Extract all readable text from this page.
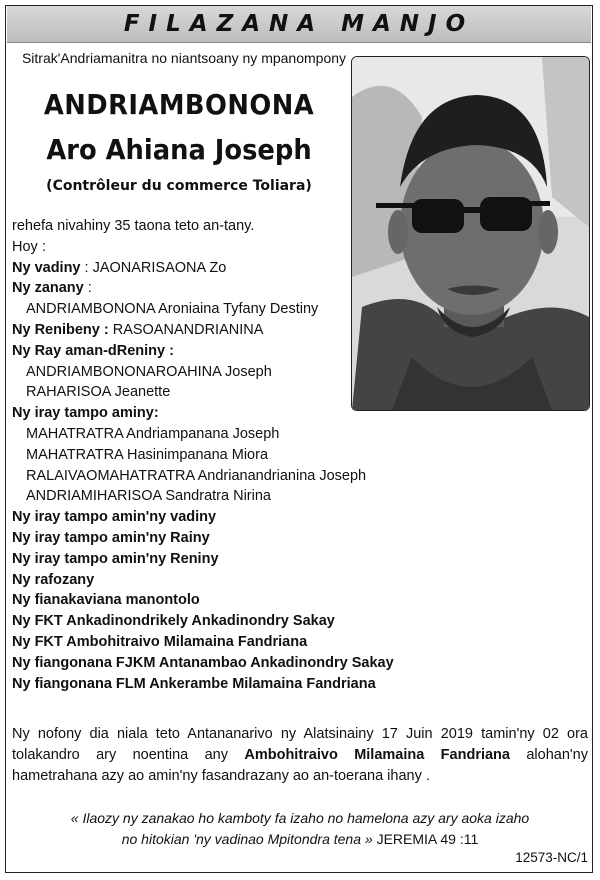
FILAZANA MANJO
Sitrak'Andriamanitra no niantsoany ny mpanompony
ANDRIAMBONONA
Aro Ahiana Joseph
(Contrôleur du commerce Toliara)
rehefa nivahiny 35 taona teto an-tany.
Hoy :
Ny vadiny : JAONARISAONA Zo
Ny zanany :
ANDRIAMBONONA Aroniaina Tyfany Destiny
Ny Renibeny : RASOANANDRIANINA
Ny Ray aman-dReniny :
ANDRIAMBONONAROAHINA Joseph
RAHARISOA Jeanette
Ny iray tampo aminy:
MAHATRATRA Andriampanana Joseph
MAHATRATRA Hasinimpanana Miora
RALAIVAOMAHATRATRA Andrianandrianina Joseph
ANDRIAMIHARISOA Sandratra Nirina
Ny iray tampo amin'ny vadiny
Ny iray tampo amin'ny Rainy
Ny iray tampo amin'ny Reniny
Ny rafozany
Ny fianakaviana manontolo
Ny FKT Ankadinondrikely Ankadinondry Sakay
Ny FKT Ambohitraivo Milamaina Fandriana
Ny fiangonana FJKM Antanambao Ankadinondry Sakay
Ny fiangonana FLM Ankerambe Milamaina Fandriana
Ny nofony dia niala teto Antananarivo ny Alatsinainy 17 Juin 2019 tamin'ny 02 ora tolakandro ary noentina any Ambohitraivo Milamaina Fandriana alohan'ny hametrahana azy ao amin'ny fasandrazany ao an-toerana ihany .
« Ilaozy ny zanakao ho kamboty fa izaho no hamelona azy ary aoka izaho
no hitokian 'ny vadinao Mpitondra tena » JEREMIA 49 :11
12573-NC/1
